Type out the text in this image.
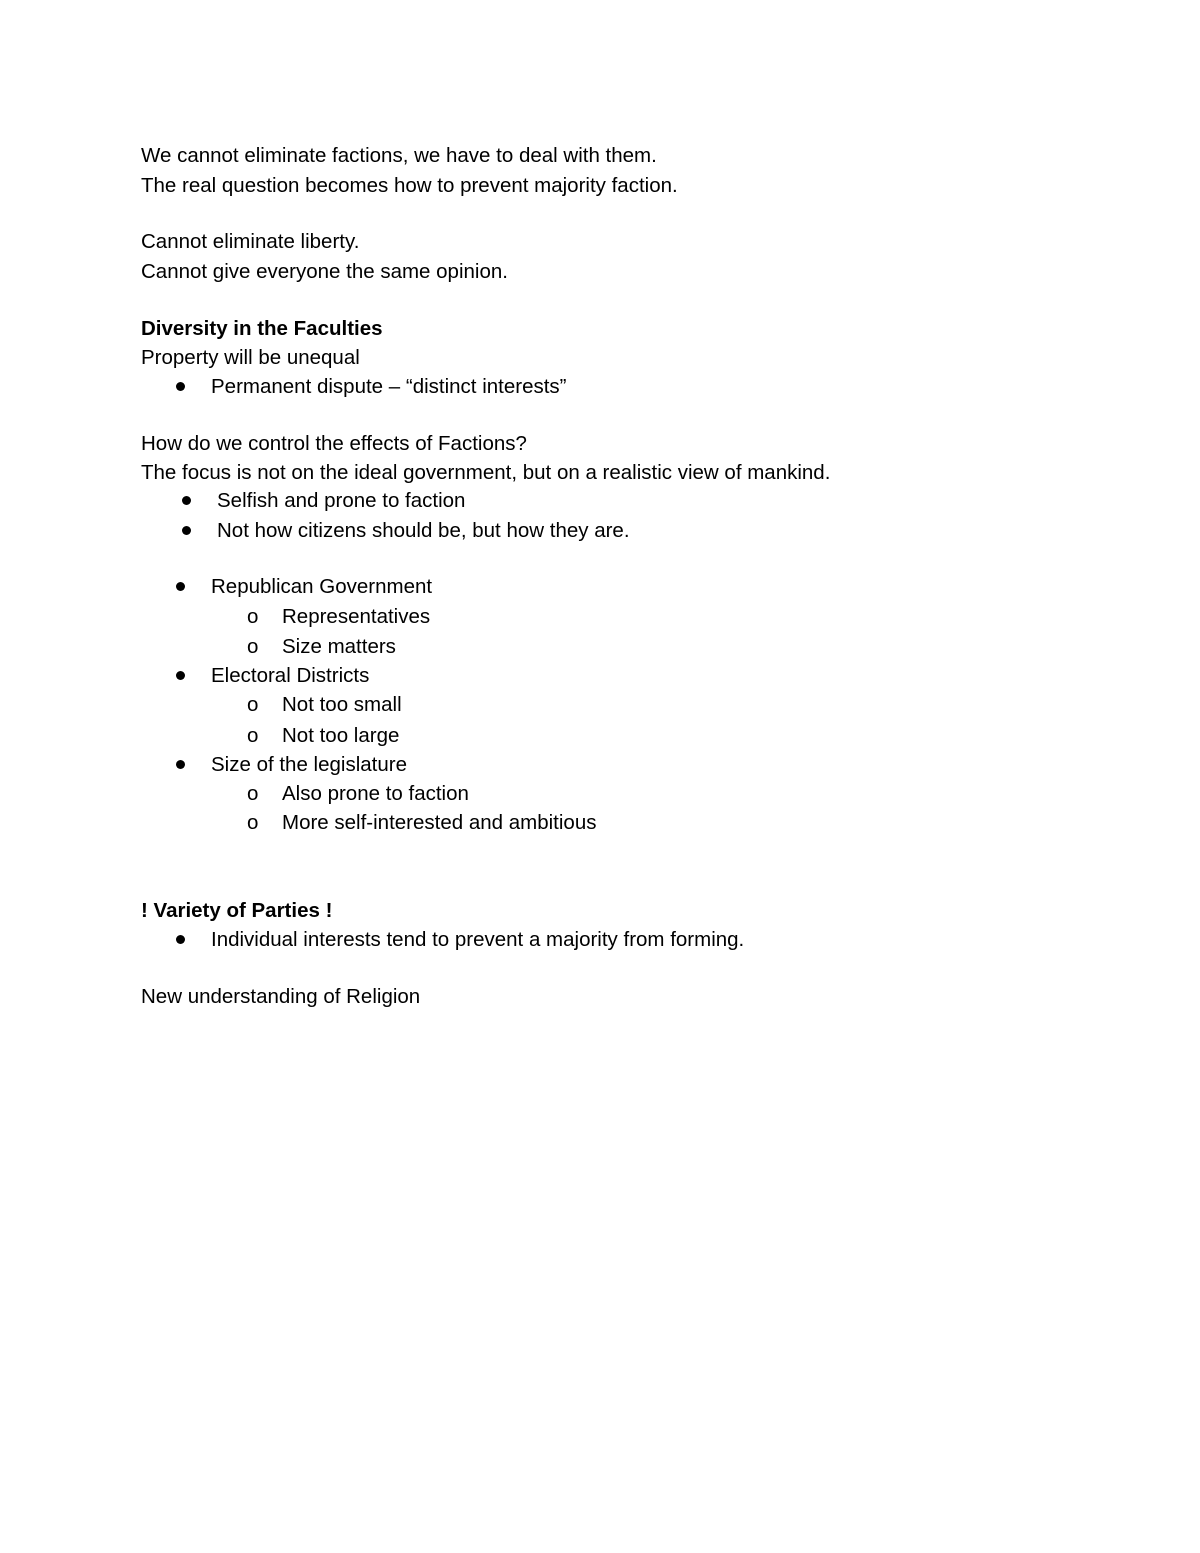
We cannot eliminate factions, we have to deal with them.
The real question becomes how to prevent majority faction.
Cannot eliminate liberty.
Cannot give everyone the same opinion.
Diversity in the Faculties
Property will be unequal
Permanent dispute – “distinct interests”
How do we control the effects of Factions?
The focus is not on the ideal government, but on a realistic view of mankind.
Selfish and prone to faction
Not how citizens should be, but how they are.
Republican Government
o Representatives
o Size matters
Electoral Districts
o Not too small
o Not too large
Size of the legislature
o Also prone to faction
o More self-interested and ambitious
! Variety of Parties !
Individual interests tend to prevent a majority from forming.
New understanding of Religion
